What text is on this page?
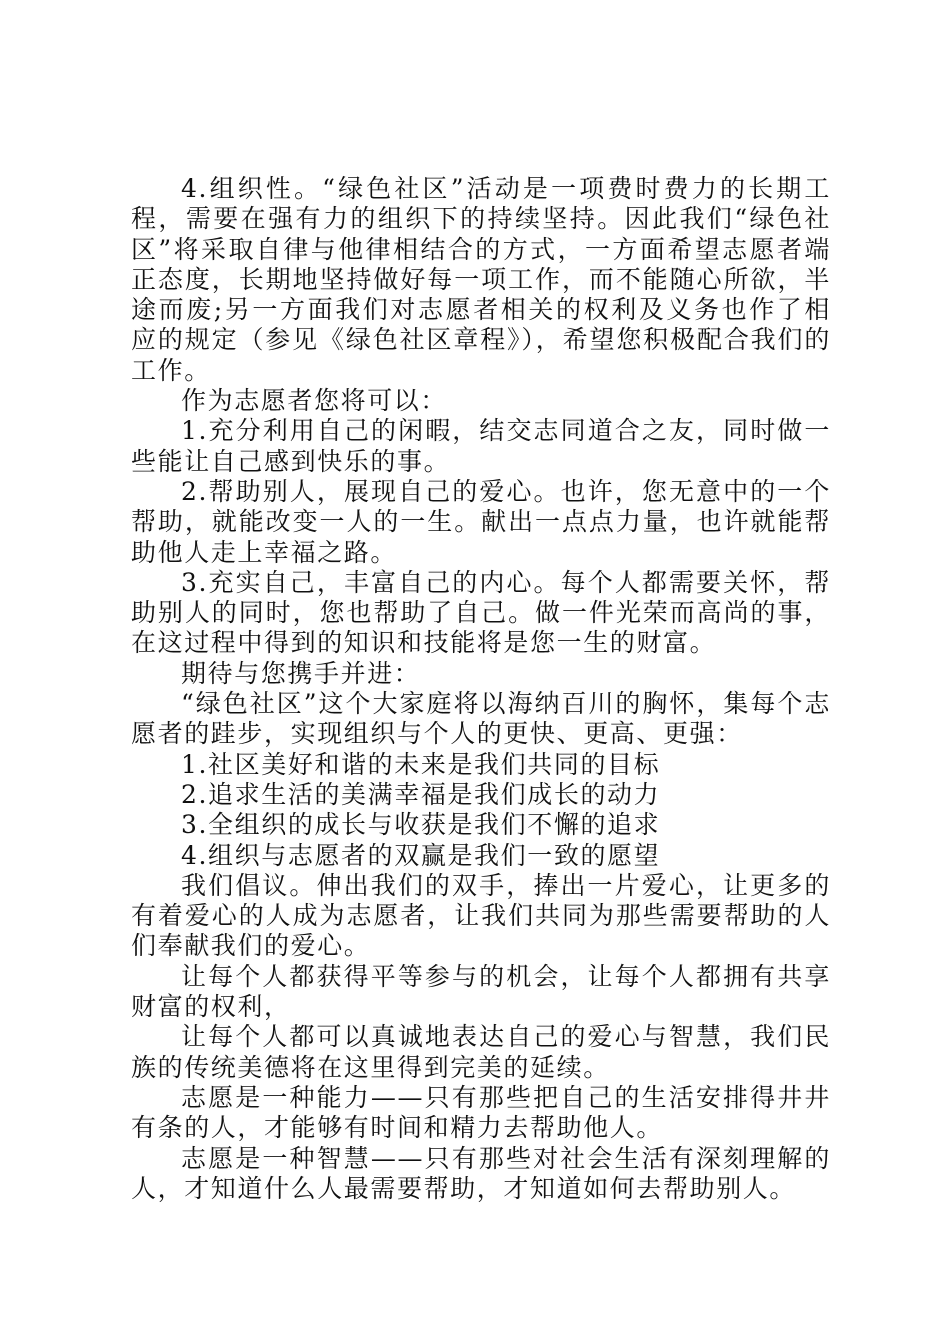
4.组织性。“绿色社区”活动是一项费时费力的长期工程，需要在强有力的组织下的持续坚持。因此我们“绿色社区”将采取自律与他律相结合的方式，一方面希望志愿者端正态度，长期地坚持做好每一项工作，而不能随心所欲，半途而废;另一方面我们对志愿者相关的权利及义务也作了相应的规定（参见《绿色社区章程》），希望您积极配合我们的工作。

作为志愿者您将可以：

1.充分利用自己的闲暇，结交志同道合之友，同时做一些能让自己感到快乐的事。

2.帮助别人，展现自己的爱心。也许，您无意中的一个帮助，就能改变一人的一生。献出一点点力量，也许就能帮助他人走上幸福之路。

3.充实自己，丰富自己的内心。每个人都需要关怀，帮助别人的同时，您也帮助了自己。做一件光荣而高尚的事，在这过程中得到的知识和技能将是您一生的财富。

期待与您携手并进：

“绿色社区”这个大家庭将以海纳百川的胸怀，集每个志愿者的跬步，实现组织与个人的更快、更高、更强：

1.社区美好和谐的未来是我们共同的目标

2.追求生活的美满幸福是我们成长的动力

3.全组织的成长与收获是我们不懈的追求

4.组织与志愿者的双赢是我们一致的愿望

我们倡议。伸出我们的双手，捧出一片爱心，让更多的有着爱心的人成为志愿者，让我们共同为那些需要帮助的人们奉献我们的爱心。

让每个人都获得平等参与的机会，让每个人都拥有共享财富的权利，

让每个人都可以真诚地表达自己的爱心与智慧，我们民族的传统美德将在这里得到完美的延续。

志愿是一种能力——只有那些把自己的生活安排得井井有条的人，才能够有时间和精力去帮助他人。

志愿是一种智慧——只有那些对社会生活有深刻理解的人，才知道什么人最需要帮助，才知道如何去帮助别人。
